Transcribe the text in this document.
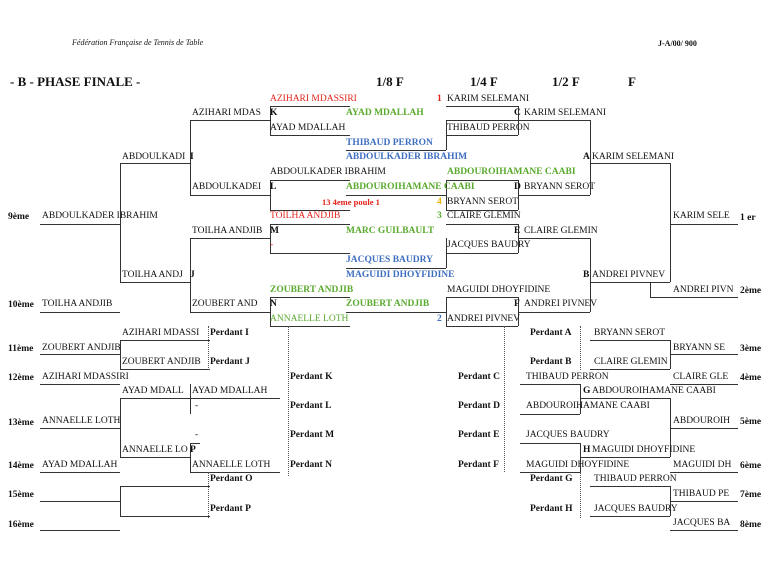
Fédération Française de Tennis de Table	J-A/00/ 900
- B - PHASE FINALE -	1/8 F	1/4 F	1/2 F	F
9ème
10ème
11ème
12ème
13ème
14ème
15ème
16ème
1 er
2ème
3ème
4ème
5ème
6ème
7ème
8ème
AZIHARI MDASSIRI	1 KARIM SELEMANI
AZIHARI MDAS K	AYAD MDALLAH	C KARIM SELEMANI
AYAD MDALLAH	THIBAUD PERRON
THIBAUD PERRON
ABDOULKADI I	ABDOULKADER IBRAHIM	A KARIM SELEMANI
ABDOUROIHAMANE CAABI
ABDOULKADER IBRAHIM
ABDOULKADEI L	ABDOUROIHAMANE CAABI	D BRYANN SEROT
13 4eme poule 1	4 BRYANN SEROT
ABDOULKADER IBRAHIM	TOILHA ANDJIB	3 CLAIRE GLEMIN	KARIM SELE
TOILHA ANDJIB M	MARC GUILBAULT	E CLAIRE GLEMIN
-	JACQUES BAUDRY
JACQUES BAUDRY
TOILHA ANDJ J	MAGUIDI DHOYFIDINE	B ANDREI PIVNEV
ZOUBERT ANDJIB	MAGUIDI DHOYFIDINE	ANDREI PIVN
TOILHA ANDJIB	ZOUBERT AND	N	ZOUBERT ANDJIB	F ANDREI PIVNEV
ANNAELLE LOTH	2 ANDREI PIVNEV
AZIHARI MDASSI	Perdant I
ZOUBERT ANDJIB
ZOUBERT ANDJIB Perdant J
AZIHARI MDASSIRI	Perdant K
AYAD MDALL AYAD MDALLAH
-	Perdant L
ANNAELLE LOTH
-	Perdant M
ANNAELLE LO P
AYAD MDALLAH	ANNAELLE LOTH Perdant N
Perdant O
Perdant P
Perdant A BRYANN SEROT
BRYANN SE
Perdant B CLAIRE GLEMIN
Perdant C	THIBAUD PERRON	CLAIRE GLE
G ABDOUROIHAMANE CAABI
Perdant D	ABDOUROIHAMANE CAABI
ABDOUROIH
Perdant E	JACQUES BAUDRY
H MAGUIDI DHOYFIDINE
Perdant F	MAGUIDI DHOYFIDINE	MAGUIDI DH
Perdant G THIBAUD PERRON
THIBAUD PE
Perdant H JACQUES BAUDRY
JACQUES BA
